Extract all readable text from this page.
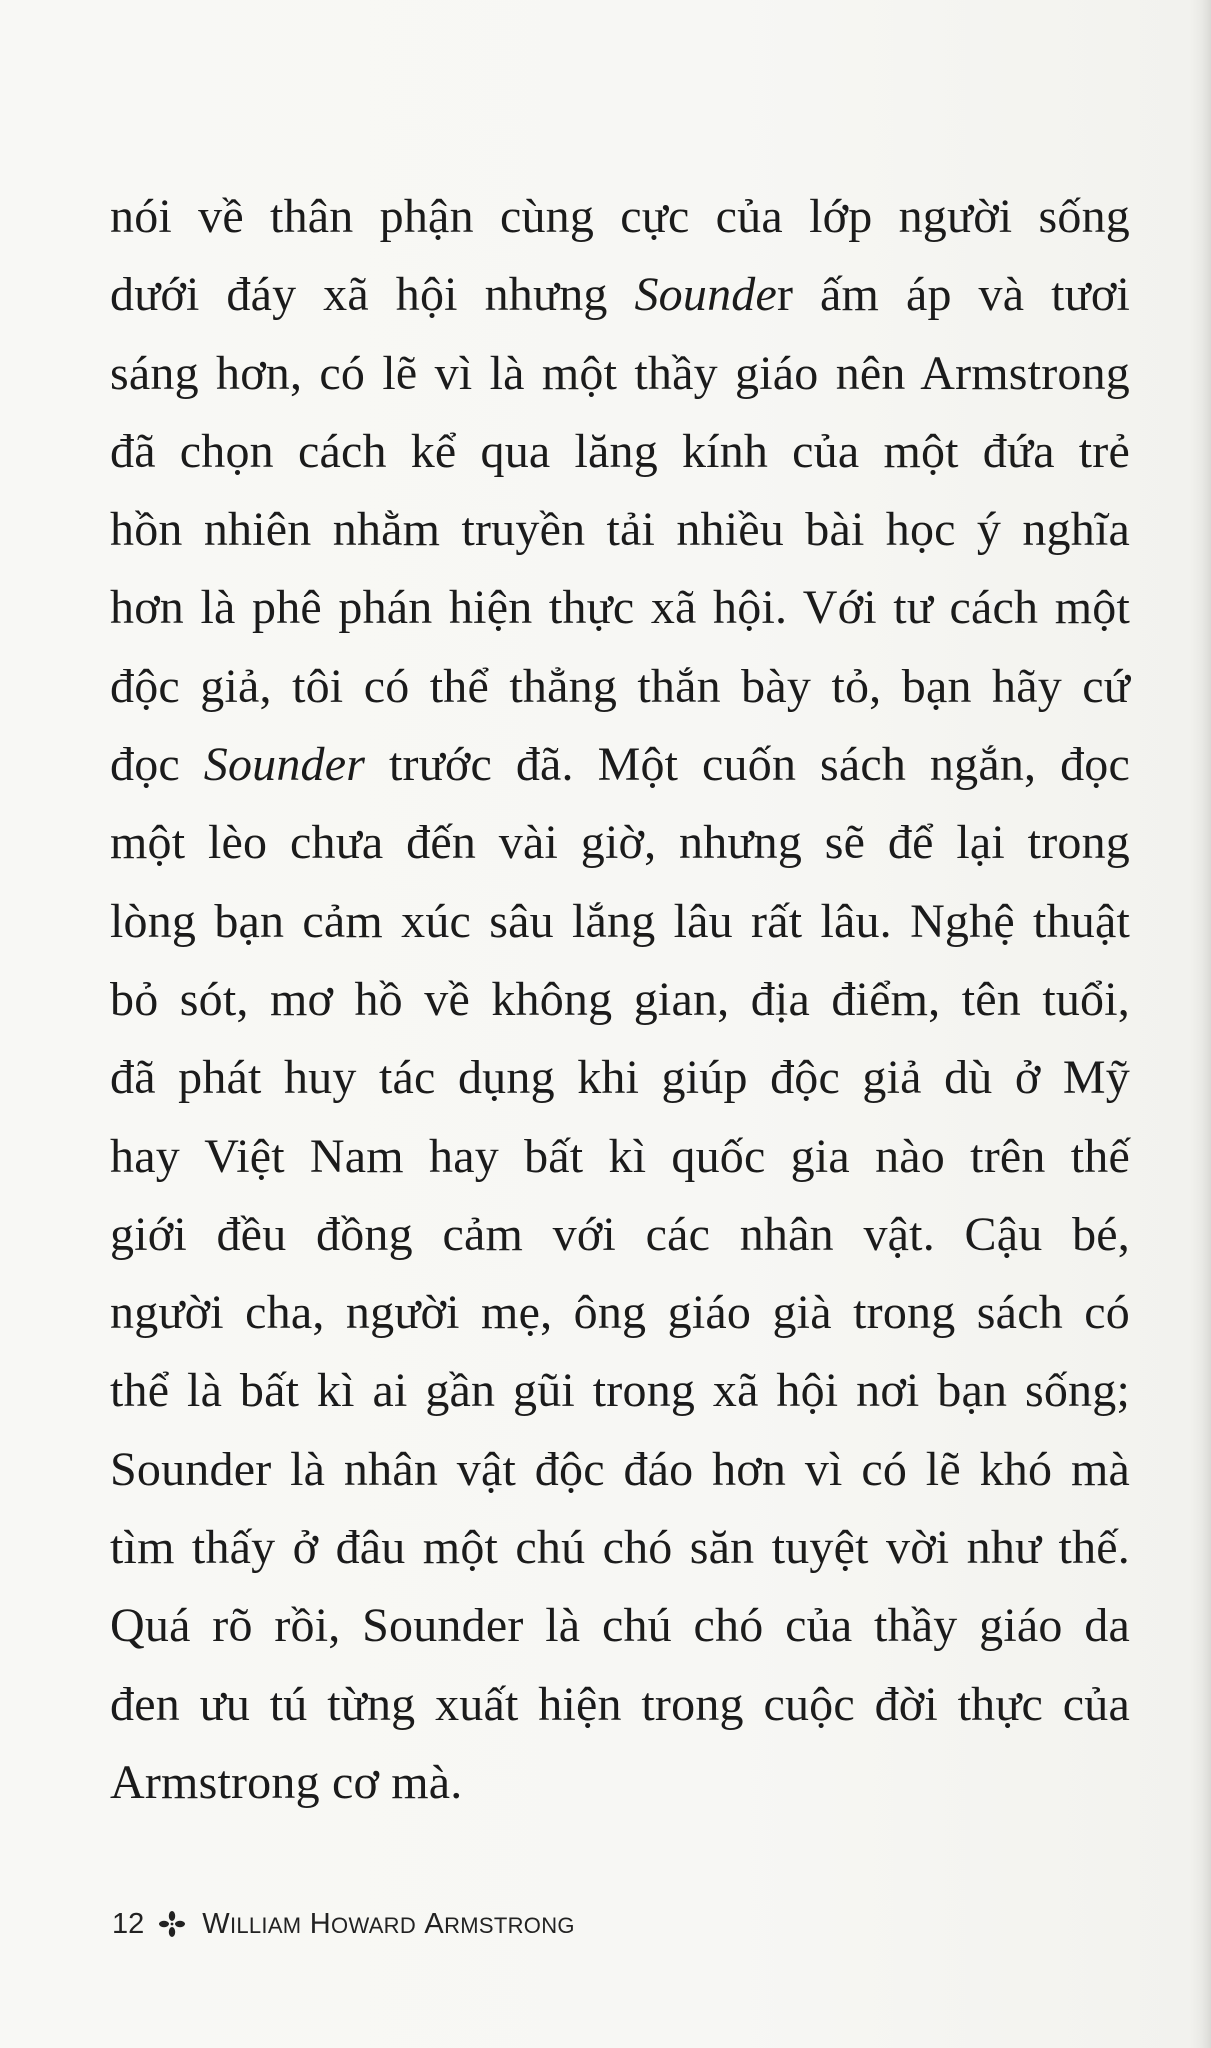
nói về thân phận cùng cực của lớp người sống
dưới đáy xã hội nhưng Sounder ấm áp và tươi
sáng hơn, có lẽ vì là một thầy giáo nên Armstrong
đã chọn cách kể qua lăng kính của một đứa trẻ
hồn nhiên nhằm truyền tải nhiều bài học ý nghĩa
hơn là phê phán hiện thực xã hội. Với tư cách một
độc giả, tôi có thể thẳng thắn bày tỏ, bạn hãy cứ
đọc Sounder trước đã. Một cuốn sách ngắn, đọc
một lèo chưa đến vài giờ, nhưng sẽ để lại trong
lòng bạn cảm xúc sâu lắng lâu rất lâu. Nghệ thuật
bỏ sót, mơ hồ về không gian, địa điểm, tên tuổi,
đã phát huy tác dụng khi giúp độc giả dù ở Mỹ
hay Việt Nam hay bất kì quốc gia nào trên thế
giới đều đồng cảm với các nhân vật. Cậu bé,
người cha, người mẹ, ông giáo già trong sách có
thể là bất kì ai gần gũi trong xã hội nơi bạn sống;
Sounder là nhân vật độc đáo hơn vì có lẽ khó mà
tìm thấy ở đâu một chú chó săn tuyệt vời như thế.
Quá rõ rồi, Sounder là chú chó của thầy giáo da
đen ưu tú từng xuất hiện trong cuộc đời thực của
Armstrong cơ mà.
12 WILLIAM HOWARD ARMSTRONG
